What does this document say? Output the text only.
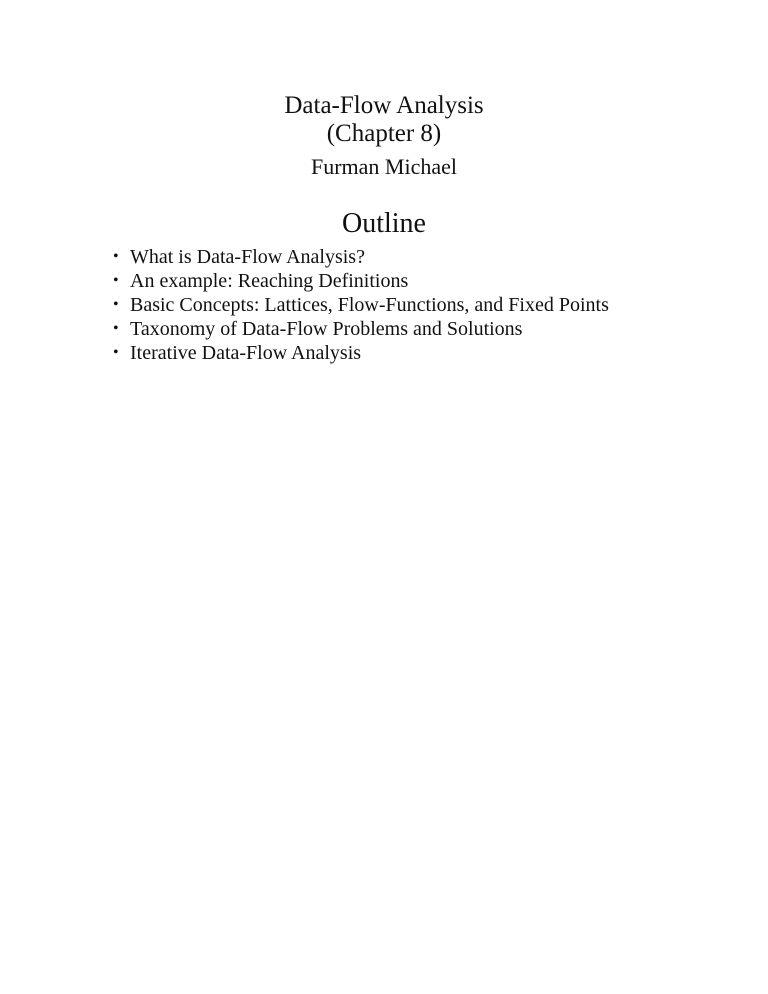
Data-Flow Analysis
(Chapter 8)
Furman Michael
Outline
• What is Data-Flow Analysis?
• An example: Reaching Definitions
• Basic Concepts: Lattices, Flow-Functions, and Fixed Points
• Taxonomy of Data-Flow Problems and Solutions
• Iterative Data-Flow Analysis
